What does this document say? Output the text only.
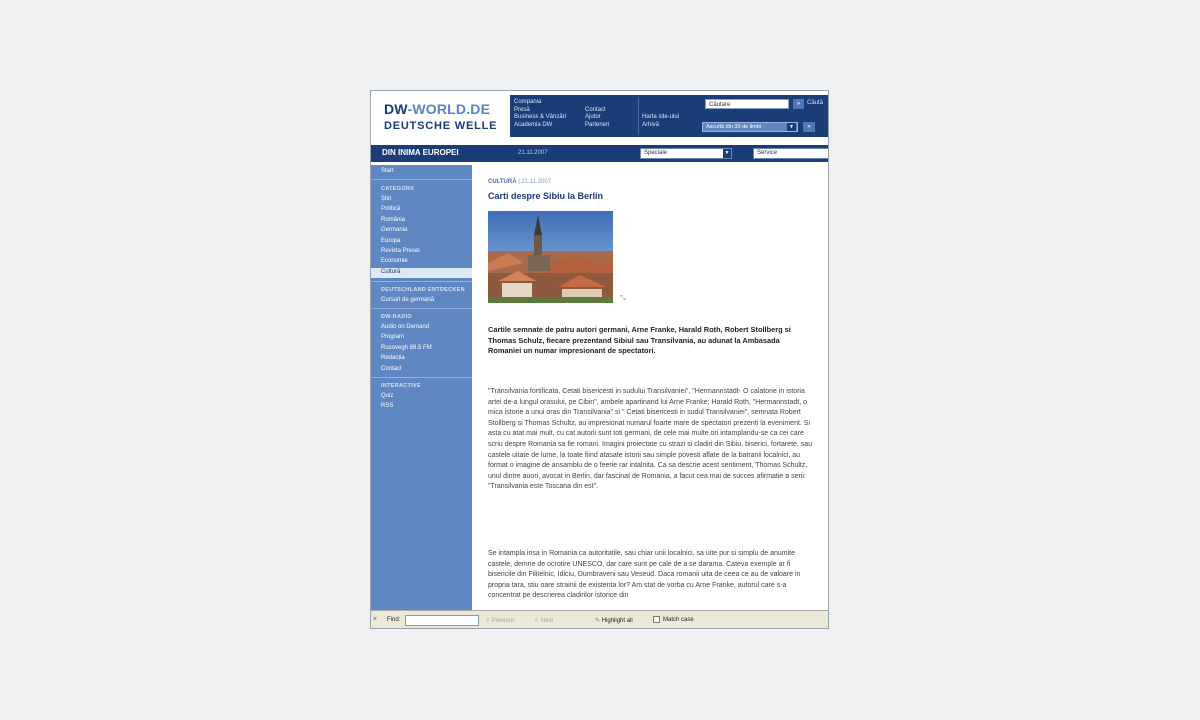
DW-WORLD.DE
DEUTSCHE WELLE
Compania
Presă
Business & Vânzări
Academia DW
Contact
Ajutor
Parteneri
Harta site-ului
Arhivă
Căutare	»	Căută
Ascultă din 30 de limbi	▼	»
DIN INIMA EUROPEI	21.11.2007	Speciale	▼	Service
Start
CATEGORII
Știri
Politică
România
Germania
Europa
Revista Presei
Economie
Cultură
DEUTSCHLAND ENTDECKEN
Cursuri de germană
DW-RADIO
Audio on Demand
Program
Rusovegh 88.5 FM
Redacția
Contact
INTERACTIVE
Quiz
RSS
CULTURĂ | 21.11.2007
Carti despre Sibiu la Berlin
⤡
Cartile semnate de patru autori germani, Arne Franke, Harald Roth, Robert Stollberg si Thomas Schulz, fiecare prezentand Sibiul sau Transilvania, au adunat la Ambasada Romaniei un numar impresionant de spectatori.
"Transilvania fortificata, Cetati bisericesti in sudului Transilvaniei", "Hermannstadt- O calatorie in istoria artei de-a lungul orasului, pe Cibin", ambele apartinand lui Arne Franke; Harald Roth, "Hermannstadt, o mica istorie a unui oras din Transilvania" si " Cetati bisericesti in sudul Transilvaniei", semnata Robert Stollberg si Thomas Schultz, au impresionat numarul foarte mare de spectatori prezenti la eveniment. Si asta cu atat mai mult, cu cat autorii sunt toti germani, de cele mai multe ori intamplandu-se ca cei care scriu despre Romania sa fie romani. Imagini proiectate cu strazi si cladiri din Sibiu, biserici, fortarete, sau castele uitate de lume, la toate fiind atasate istorii sau simple povesti aflate de la batranii localnici, au format o imagine de ansamblu de o feerie rar intalnita. Ca sa descrie acest sentiment, Thomas Schultz, unul dintre auori, avocat in Berlin, dar fascinat de Romania, a facut cea mai de succes afirmatie a serii: "Transilvania este Toscana din est".
Se intampla insa in Romania ca autoritatile, sau chiar unii localnici, sa uite pur si simplu de anumite castele, demne de ocrotire UNESCO, dar care sunt pe cale de a se darama. Cateva exemple ar fi bisericile din Filitelnic, Idiciu, Dumbraveni sau Veseud. Daca romanii uita de ceea ce au de valoare in propria tara, stiu oare strainii de existenta lor? Am stat de vorba cu Arne Franke, autorul care s-a concentrat pe descrierea cladirilor istorice din
× Find:	⇧ Previous	⇩ Next	✎ Highlight all	Match case
